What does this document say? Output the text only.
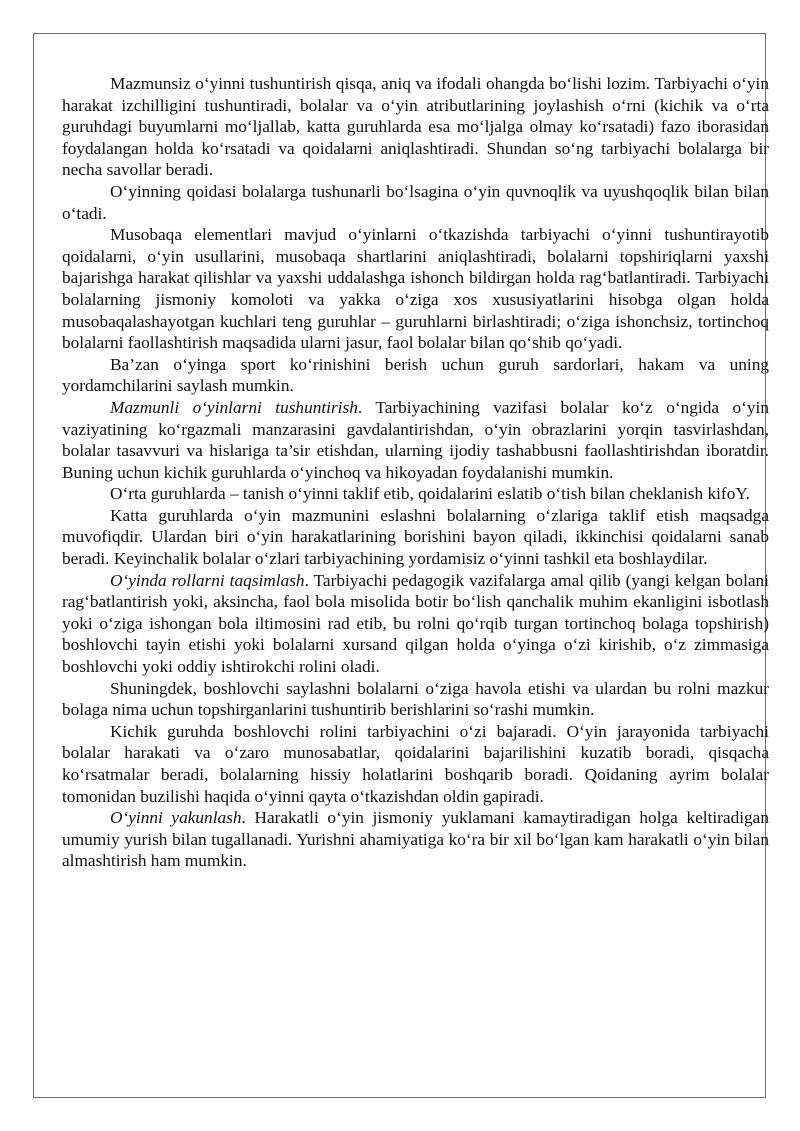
Mazmunsiz o‘yinni tushuntirish qisqa, aniq va ifodali ohangda bo‘lishi lozim. Tarbiyachi o‘yin harakat izchilligini tushuntiradi, bolalar va o‘yin atributlarining joylashish o‘rni (kichik va o‘rta guruhdagi buyumlarni mo‘ljallab, katta guruhlarda esa mo‘ljalga olmay ko‘rsatadi) fazo iborasidan foydalangan holda ko‘rsatadi va qoidalarni aniqlashtiradi. Shundan so‘ng tarbiyachi bolalarga bir necha savollar beradi.

O‘yinning qoidasi bolalarga tushunarli bo‘lsagina o‘yin quvnoqlik va uyushqoqlik bilan bilan o‘tadi.

Musobaqa elementlari mavjud o‘yinlarni o‘tkazishda tarbiyachi o‘yinni tushuntirayotib qoidalarni, o‘yin usullarini, musobaqa shartlarini aniqlashtiradi, bolalarni topshiriqlarni yaxshi bajarishga harakat qilishlar va yaxshi uddalashga ishonch bildirgan holda rag‘batlantiradi. Tarbiyachi bolalarning jismoniy komoloti va yakka o‘ziga xos xususiyatlarini hisobga olgan holda musobaqalashayotgan kuchlari teng guruhlar – guruhlarni birlashtiradi; o‘ziga ishonchsiz, tortinchoq bolalarni faollashtirish maqsadida ularni jasur, faol bolalar bilan qo‘shib qo‘yadi.

Ba’zan o‘yinga sport ko‘rinishini berish uchun guruh sardorlari, hakam va uning yordamchilarini saylash mumkin.

Mazmunli o‘yinlarni tushuntirish. Tarbiyachining vazifasi bolalar ko‘z o‘ngida o‘yin vaziyatining ko‘rgazmali manzarasini gavdalantirishdan, o‘yin obrazlarini yorqin tasvirlashdan, bolalar tasavvuri va hislariga ta’sir etishdan, ularning ijodiy tashabbusni faollashtirishdan iboratdir. Buning uchun kichik guruhlarda o‘yinchoq va hikoyadan foydalanishi mumkin.

O‘rta guruhlarda – tanish o‘yinni taklif etib, qoidalarini eslatib o‘tish bilan cheklanish kifoY.

Katta guruhlarda o‘yin mazmunini eslashni bolalarning o‘zlariga taklif etish maqsadga muvofiqdir. Ulardan biri o‘yin harakatlarining borishini bayon qiladi, ikkinchisi qoidalarni sanab beradi. Keyinchalik bolalar o‘zlari tarbiyachining yordamisiz o‘yinni tashkil eta boshlaydilar.

O‘yinda rollarni taqsimlash. Tarbiyachi pedagogik vazifalarga amal qilib (yangi kelgan bolani rag‘batlantirish yoki, aksincha, faol bola misolida botir bo‘lish qanchalik muhim ekanligini isbotlash yoki o‘ziga ishongan bola iltimosini rad etib, bu rolni qo‘rqib turgan tortinchoq bolaga topshirish) boshlovchi tayin etishi yoki bolalarni xursand qilgan holda o‘yinga o‘zi kirishib, o‘z zimmasiga boshlovchi yoki oddiy ishtirokchi rolini oladi.

Shuningdek, boshlovchi saylashni bolalarni o‘ziga havola etishi va ulardan bu rolni mazkur bolaga nima uchun topshirganlarini tushuntirib berishlarini so‘rashi mumkin.

Kichik guruhda boshlovchi rolini tarbiyachini o‘zi bajaradi. O‘yin jarayonida tarbiyachi bolalar harakati va o‘zaro munosabatlar, qoidalarini bajarilishini kuzatib boradi, qisqacha ko‘rsatmalar beradi, bolalarning hissiy holatlarini boshqarib boradi. Qoidaning ayrim bolalar tomonidan buzilishi haqida o‘yinni qayta o‘tkazishdan oldin gapiradi.

O‘yinni yakunlash. Harakatli o‘yin jismoniy yuklamani kamaytiradigan holga keltiradigan umumiy yurish bilan tugallanadi. Yurishni ahamiyatiga ko‘ra bir xil bo‘lgan kam harakatli o‘yin bilan almashtirish ham mumkin.
